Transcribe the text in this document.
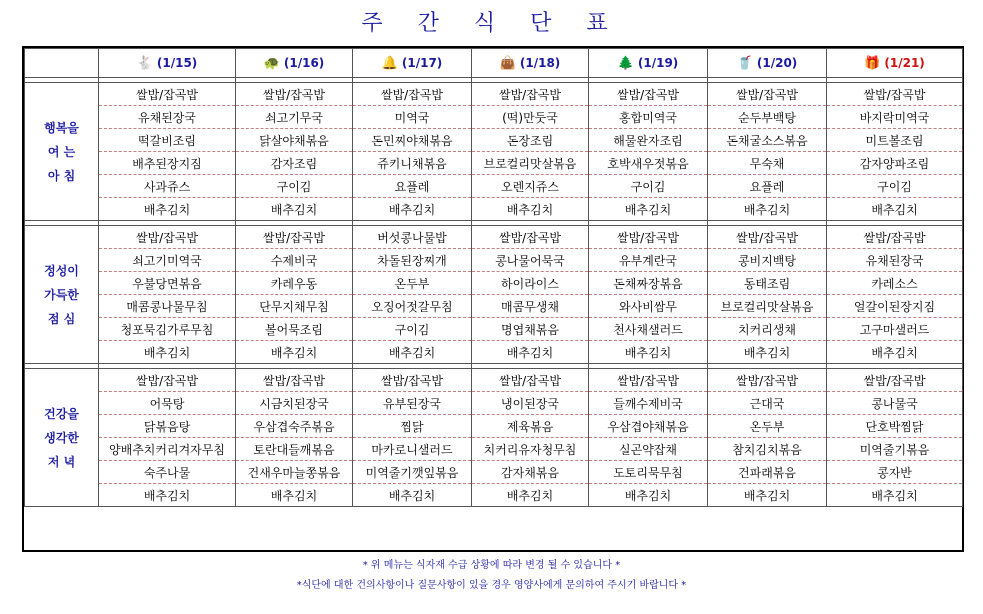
주 간 식 단 표
	🐇 (1/15)	🐢 (1/16)	🔔 (1/17)	👜 (1/18)	🌲 (1/19)	🥤 (1/20)	🎁 (1/21)

행복을
여 는
아 침	쌀밥/잡곡밥	쌀밥/잡곡밥	쌀밥/잡곡밥	쌀밥/잡곡밥	쌀밥/잡곡밥	쌀밥/잡곡밥	쌀밥/잡곡밥
	유채된장국	쇠고기무국	미역국	(떡)만둣국	홍합미역국	순두부백탕	바지락미역국
	떡갈비조림	닭살야채볶음	돈민찌야채볶음	돈장조림	해물완자조림	돈채굴소스볶음	미트볼조림
	배추된장지짐	감자조림	쥬키니채볶음	브로컬리맛살볶음	호박새우젓볶음	무숙채	감자양파조림
	사과쥬스	구이김	요플레	오렌지쥬스	구이김	요플레	구이김
	배추김치	배추김치	배추김치	배추김치	배추김치	배추김치	배추김치

정성이
가득한
점 심	쌀밥/잡곡밥	쌀밥/잡곡밥	버섯콩나물밥	쌀밥/잡곡밥	쌀밥/잡곡밥	쌀밥/잡곡밥	쌀밥/잡곡밥
	쇠고기미역국	수제비국	차돌된장찌개	콩나물어묵국	유부계란국	콩비지백탕	유채된장국
	우불당면볶음	카레우동	온두부	하이라이스	돈채짜장볶음	동태조림	카레소스
	매콤콩나물무침	단무지채무침	오징어젓갈무침	매콤무생채	와사비쌈무	브로컬리맛살볶음	얼갈이된장지짐
	청포묵김가루무침	볼어묵조림	구이김	명엽채볶음	천사채샐러드	치커리생채	고구마샐러드
	배추김치	배추김치	배추김치	배추김치	배추김치	배추김치	배추김치

건강을
생각한
저 녁	쌀밥/잡곡밥	쌀밥/잡곡밥	쌀밥/잡곡밥	쌀밥/잡곡밥	쌀밥/잡곡밥	쌀밥/잡곡밥	쌀밥/잡곡밥
	어묵탕	시금치된장국	유부된장국	냉이된장국	들깨수제비국	근대국	콩나물국
	닭볶음탕	우삼겹숙주볶음	찜닭	제육볶음	우삼겹야채볶음	온두부	단호박찜닭
	양배추치커리겨자무침	토란대들깨볶음	마카로니샐러드	치커리유자청무침	실곤약잡채	참치김치볶음	미역줄기볶음
	숙주나물	건새우마늘쫑볶음	미역줄기깻잎볶음	감자채볶음	도토리묵무침	건파래볶음	콩자반
	배추김치	배추김치	배추김치	배추김치	배추김치	배추김치	배추김치
* 위 메뉴는 식자재 수급 상황에 따라 변경 될 수 있습니다 *
*식단에 대한 건의사항이나 질문사항이 있을 경우 영양사에게 문의하여 주시기 바랍니다 *
